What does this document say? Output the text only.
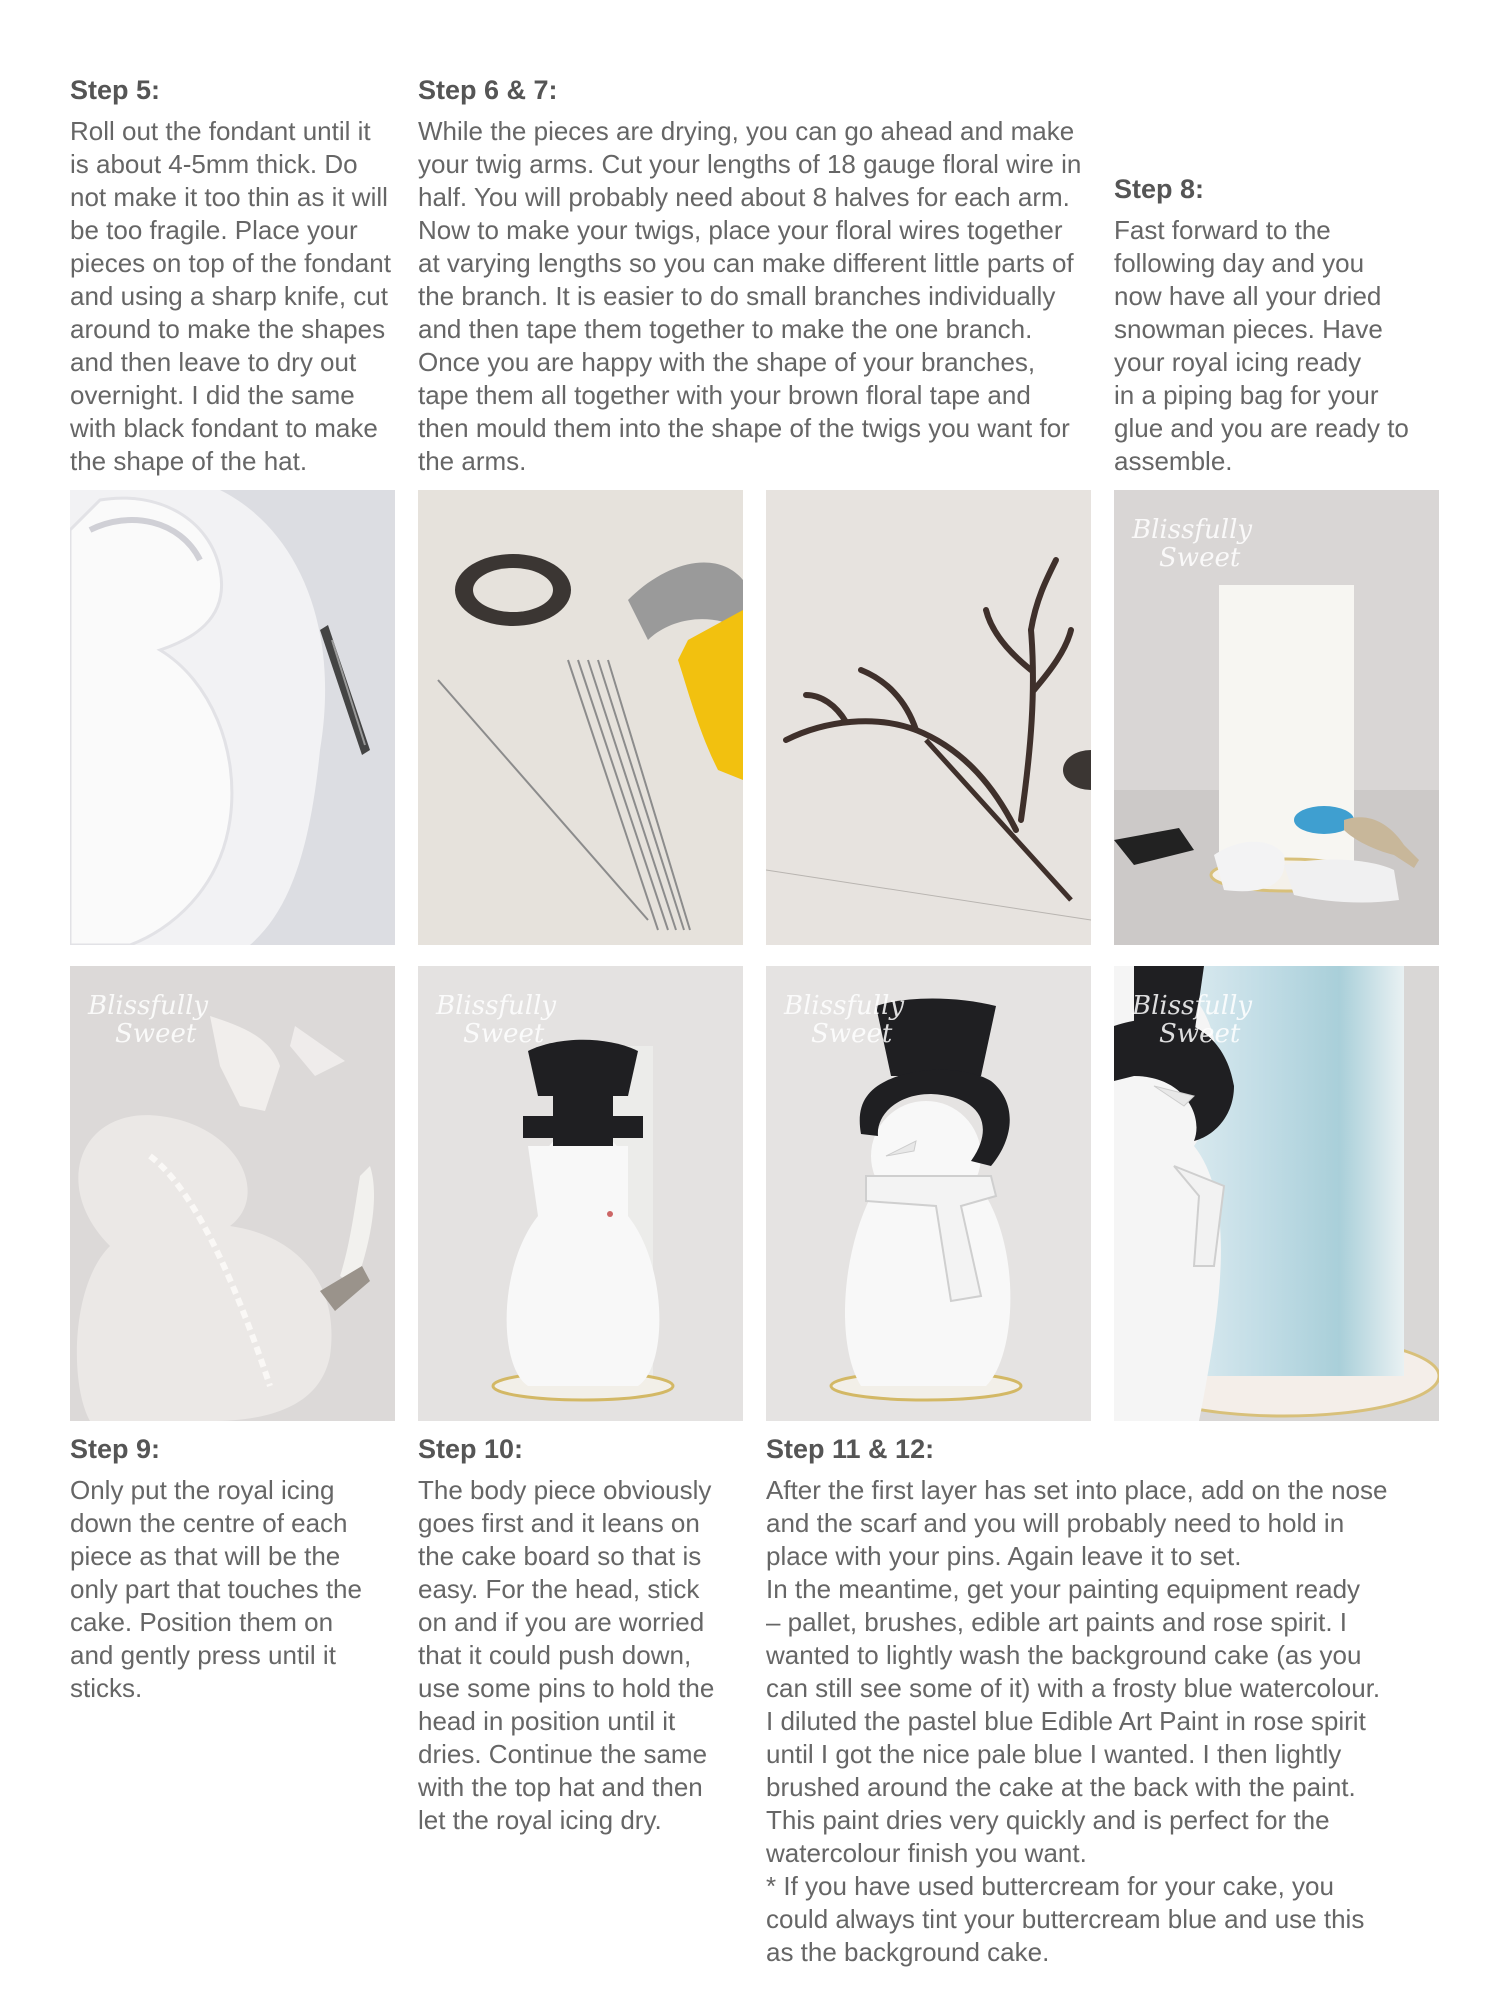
Step 5:

Roll out the fondant until it
is about 4-5mm thick. Do
not make it too thin as it will
be too fragile. Place your
pieces on top of the fondant
and using a sharp knife, cut
around to make the shapes
and then leave to dry out
overnight. I did the same
with black fondant to make
the shape of the hat.

Step 6 & 7:

While the pieces are drying, you can go ahead and make
your twig arms. Cut your lengths of 18 gauge floral wire in
half. You will probably need about 8 halves for each arm.
Now to make your twigs, place your floral wires together
at varying lengths so you can make different little parts of
the branch. It is easier to do small branches individually
and then tape them together to make the one branch.
Once you are happy with the shape of your branches,
tape them all together with your brown floral tape and
then mould them into the shape of the twigs you want for
the arms.

Step 8:

Fast forward to the
following day and you
now have all your dried
snowman pieces. Have
your royal icing ready
in a piping bag for your
glue and you are ready to
assemble.

Blissfully
Sweet
Blissfully
Sweet
Blissfully
Sweet
Blissfully
Sweet
Blissfully
Sweet
Step 9:

Only put the royal icing
down the centre of each
piece as that will be the
only part that touches the
cake. Position them on
and gently press until it
sticks.

Step 10:

The body piece obviously
goes first and it leans on
the cake board so that is
easy. For the head, stick
on and if you are worried
that it could push down,
use some pins to hold the
head in position until it
dries. Continue the same
with the top hat and then
let the royal icing dry.

Step 11 & 12:

After the first layer has set into place, add on the nose
and the scarf and you will probably need to hold in
place with your pins. Again leave it to set.
In the meantime, get your painting equipment ready
– pallet, brushes, edible art paints and rose spirit. I
wanted to lightly wash the background cake (as you
can still see some of it) with a frosty blue watercolour.
I diluted the pastel blue Edible Art Paint in rose spirit
until I got the nice pale blue I wanted. I then lightly
brushed around the cake at the back with the paint.
This paint dries very quickly and is perfect for the
watercolour finish you want.
* If you have used buttercream for your cake, you
could always tint your buttercream blue and use this
as the background cake.
